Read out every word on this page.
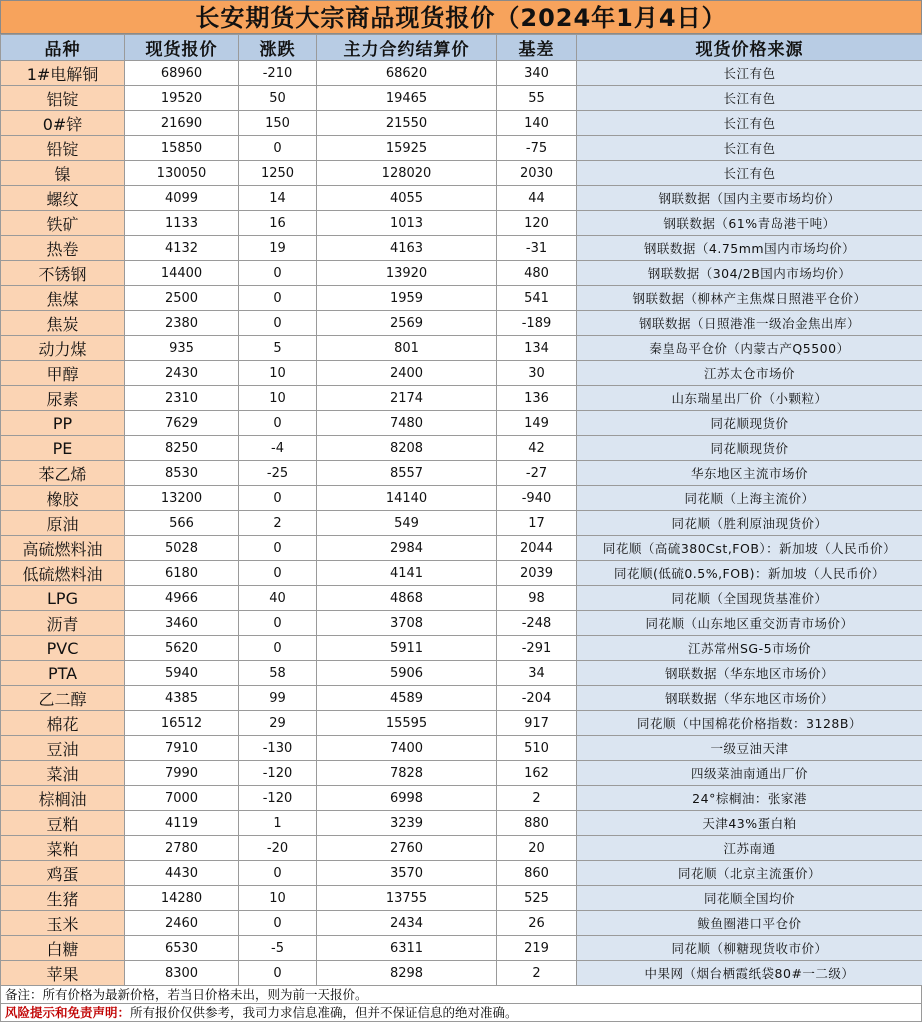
长安期货大宗商品现货报价（2024年1月4日）
品种	现货报价	涨跌	主力合约结算价	基差	现货价格来源
1#电解铜	68960	-210	68620	340	长江有色
铝锭	19520	50	19465	55	长江有色
0#锌	21690	150	21550	140	长江有色
铅锭	15850	0	15925	-75	长江有色
镍	130050	1250	128020	2030	长江有色
螺纹	4099	14	4055	44	钢联数据（国内主要市场均价）
铁矿	1133	16	1013	120	钢联数据（61%青岛港干吨）
热卷	4132	19	4163	-31	钢联数据（4.75mm国内市场均价）
不锈钢	14400	0	13920	480	钢联数据（304/2B国内市场均价）
焦煤	2500	0	1959	541	钢联数据（柳林产主焦煤日照港平仓价）
焦炭	2380	0	2569	-189	钢联数据（日照港准一级冶金焦出库）
动力煤	935	5	801	134	秦皇岛平仓价（内蒙古产Q5500）
甲醇	2430	10	2400	30	江苏太仓市场价
尿素	2310	10	2174	136	山东瑞星出厂价（小颗粒）
PP	7629	0	7480	149	同花顺现货价
PE	8250	-4	8208	42	同花顺现货价
苯乙烯	8530	-25	8557	-27	华东地区主流市场价
橡胶	13200	0	14140	-940	同花顺（上海主流价）
原油	566	2	549	17	同花顺（胜利原油现货价）
高硫燃料油	5028	0	2984	2044	同花顺（高硫380Cst,FOB）：新加坡（人民币价）
低硫燃料油	6180	0	4141	2039	同花顺(低硫0.5%,FOB)：新加坡（人民币价）
LPG	4966	40	4868	98	同花顺（全国现货基准价）
沥青	3460	0	3708	-248	同花顺（山东地区重交沥青市场价）
PVC	5620	0	5911	-291	江苏常州SG-5市场价
PTA	5940	58	5906	34	钢联数据（华东地区市场价）
乙二醇	4385	99	4589	-204	钢联数据（华东地区市场价）
棉花	16512	29	15595	917	同花顺（中国棉花价格指数：3128B）
豆油	7910	-130	7400	510	一级豆油天津
菜油	7990	-120	7828	162	四级菜油南通出厂价
棕榈油	7000	-120	6998	2	24°棕榈油：张家港
豆粕	4119	1	3239	880	天津43%蛋白粕
菜粕	2780	-20	2760	20	江苏南通
鸡蛋	4430	0	3570	860	同花顺（北京主流蛋价）
生猪	14280	10	13755	525	同花顺全国均价
玉米	2460	0	2434	26	鲅鱼圈港口平仓价
白糖	6530	-5	6311	219	同花顺（柳糖现货收市价）
苹果	8300	0	8298	2	中果网（烟台栖霞纸袋80#一二级）
备注：所有价格为最新价格，若当日价格未出，则为前一天报价。
风险提示和免责声明：所有报价仅供参考，我司力求信息准确，但并不保证信息的绝对准确。
